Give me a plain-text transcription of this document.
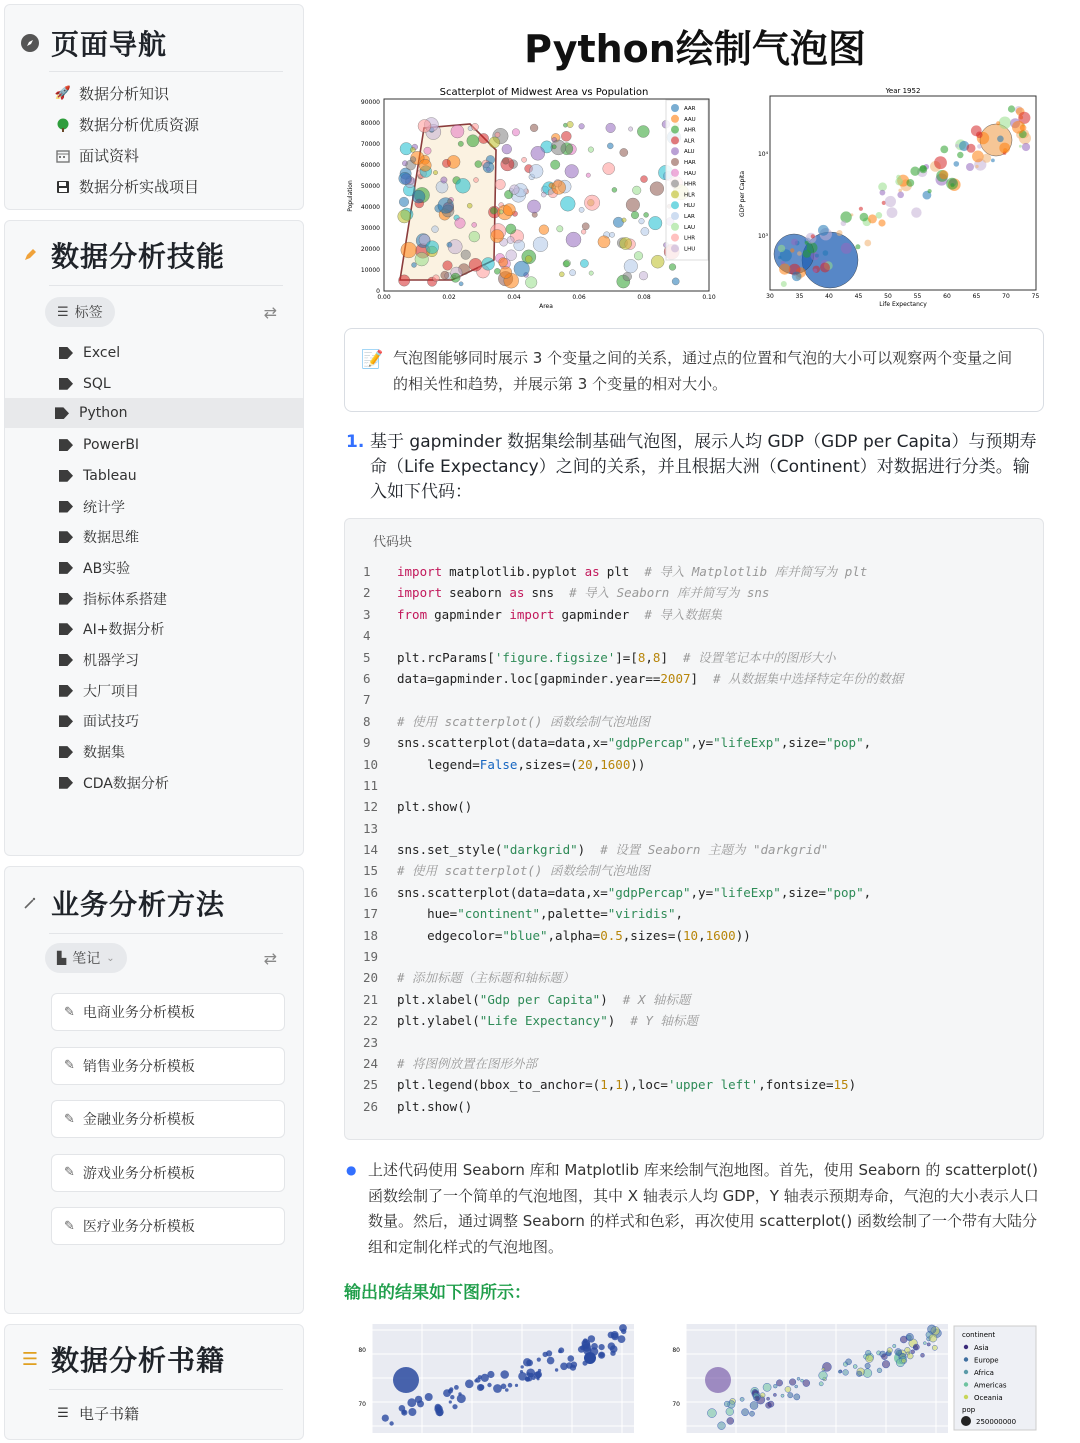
页面导航
🚀 数据分析知识
数据分析优质资源
面试资料
数据分析实战项目
数据分析技能
☰ 标签	⇄
Excel
SQL
Python
PowerBI
Tableau
统计学
数据思维
AB实验
指标体系搭建
AI+数据分析
机器学习
大厂项目
面试技巧
数据集
CDA数据分析
业务分析方法
▙ 笔记 ⌄	⇄
✎ 电商业务分析模板
✎ 销售业务分析模板
✎ 金融业务分析模板
✎ 游戏业务分析模板
✎ 医疗业务分析模板
☰ 数据分析书籍
☰ 电子书籍
Python绘制气泡图
Scatterplot of Midwest Area vs Population
90000
80000
70000
60000
50000
40000
30000
20000
10000
0
0.00	0.02	0.04	0.06	0.08	0.10
Population
Area
AAR
AAU
AHR
ALR
ALU
HAR
HAU
HHR
HLR
HLU
LAR
LAU
LHR
LHU
Year 1952
GDP per Capita
Life Expectancy
10⁴
10³
30	35	40	45	50	55	60	65	70	75
📝 气泡图能够同时展示 3 个变量之间的关系，通过点的位置和气泡的大小可以观察两个变量之间的相关性和趋势，并展示第 3 个变量的相对大小。
1. 基于 gapminder 数据集绘制基础气泡图，展示人均 GDP（GDP per Capita）与预期寿命（Life Expectancy）之间的关系，并且根据大洲（Continent）对数据进行分类。输入如下代码：
代码块
1	import matplotlib.pyplot as plt  # 导入 Matplotlib 库并简写为 plt
2	import seaborn as sns  # 导入 Seaborn 库并简写为 sns
3	from gapminder import gapminder  # 导入数据集
4
5	plt.rcParams['figure.figsize']=[8,8]  # 设置笔记本中的图形大小
6	data=gapminder.loc[gapminder.year==2007]  # 从数据集中选择特定年份的数据
7
8	# 使用 scatterplot() 函数绘制气泡地图
9	sns.scatterplot(data=data,x="gdpPercap",y="lifeExp",size="pop",
10	legend=False,sizes=(20,1600))
11
12	plt.show()
13
14	sns.set_style("darkgrid")  # 设置 Seaborn 主题为 "darkgrid"
15	# 使用 scatterplot() 函数绘制气泡地图
16	sns.scatterplot(data=data,x="gdpPercap",y="lifeExp",size="pop",
17	hue="continent",palette="viridis",
18	edgecolor="blue",alpha=0.5,sizes=(10,1600))
19
20	# 添加标题（主标题和轴标题）
21	plt.xlabel("Gdp per Capita")  # X 轴标题
22	plt.ylabel("Life Expectancy")  # Y 轴标题
23
24	# 将图例放置在图形外部
25	plt.legend(bbox_to_anchor=(1,1),loc='upper left',fontsize=15)
26	plt.show()
● 上述代码使用 Seaborn 库和 Matplotlib 库来绘制气泡地图。首先，使用 Seaborn 的 scatterplot() 函数绘制了一个简单的气泡地图，其中 X 轴表示人均 GDP，Y 轴表示预期寿命，气泡的大小表示人口数量。然后，通过调整 Seaborn 的样式和色彩，再次使用 scatterplot() 函数绘制了一个带有大陆分组和定制化样式的气泡地图。
输出的结果如下图所示：
80
70
80
70
continent
Asia
Europe
Africa
Americas
Oceania
pop
250000000
